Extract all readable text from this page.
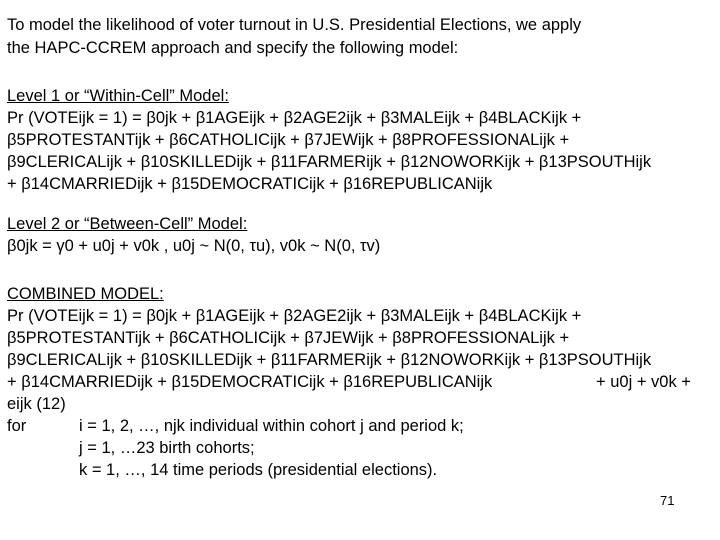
To model the likelihood of voter turnout in U.S. Presidential Elections, we apply
the HAPC-CCREM approach and specify the following model:
Level 1 or “Within-Cell” Model:
Pr (VOTEijk = 1) = β0jk + β1AGEijk + β2AGE2ijk + β3MALEijk + β4BLACKijk +
β5PROTESTANTijk + β6CATHOLICijk + β7JEWijk + β8PROFESSIONALijk +
β9CLERICALijk + β10SKILLEDijk + β11FARMERijk + β12NOWORKijk + β13PSOUTHijk
+ β14CMARRIEDijk + β15DEMOCRATICijk + β16REPUBLICANijk
Level 2 or “Between-Cell” Model:
β0jk = γ0 + u0j + v0k , u0j ~ N(0, τu), v0k ~ N(0, τv)
COMBINED MODEL:
Pr (VOTEijk = 1) = β0jk + β1AGEijk + β2AGE2ijk + β3MALEijk + β4BLACKijk +
β5PROTESTANTijk + β6CATHOLICijk + β7JEWijk + β8PROFESSIONALijk +
β9CLERICALijk + β10SKILLEDijk + β11FARMERijk + β12NOWORKijk + β13PSOUTHijk
+ β14CMARRIEDijk + β15DEMOCRATICijk + β16REPUBLICANijk	+ u0j + v0k +
eijk (12)
for	i = 1, 2, …, njk individual within cohort j and period k;
j = 1, …23 birth cohorts;
k = 1, …, 14 time periods (presidential elections).
71
